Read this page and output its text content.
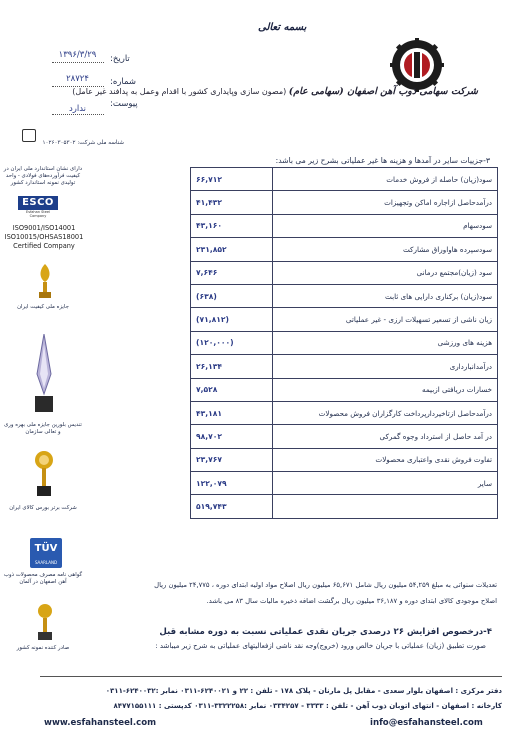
بسمه تعالی
شرکت سهامی ذوب آهن اصفهان (سهامی عام) (مصون سازی وپایداری کشور با اقدام وعمل به پدافند غیر عامل)
تاریخ:
۱۳۹۶/۳/۲۹
شماره:
۲۸۷۲۴
پیوست:
ندارد
شناسه ملی شرکت: ۱۰۲۶۰۳۰۵۳۰۲
دارای نشان استاندارد ملی ایران در کیفیت فرآورده‌های فولادی - واحد تولیدی نمونه استاندارد کشور
ESCO
Esfahan Steel Company
ISO9001/ISO14001
ISO10015/OHSAS18001
Certified Company
جایزه ملی کیفیت ایران
تندیس بلورین جایزه ملی بهره وری و تعالی سازمان
شرکت برتر بورس کالای ایران
TÜV
SAARLAND
گواهی نامه مصرف محصولات ذوب آهن اصفهان در آلمان
صادر کننده نمونه کشور
۳-جزییات سایر در آمدها و هزینه ها غیر عملیاتی بشرح زیر می باشد:
۶۶,۷۱۲	سود(زیان) حاصله از فروش خدمات
۴۱,۴۳۲	درآمدحاصل ازاجاره اماکن وتجهیزات
۴۳,۱۶۰	سودسهام
۲۳۱,۸۵۲	سودسپرده هاواوراق مشارکت
۷,۶۴۶	سود (زیان)مجتمع درمانی
(۶۳۸)	سود(زیان) برکناری دارایی های ثابت
(۷۱,۸۱۲)	زیان ناشی از تسعیر تسهیلات ارزی - غیر عملیاتی
(۱۲۰,۰۰۰)	هزینه های ورزشی
۲۶,۱۳۴	درآمدانبارداری
۷,۵۲۸	خسارات دریافتی ازبیمه
۴۳,۱۸۱	درآمدحاصل ازتاخیردارپرداخت کارگزاران فروش محصولات
۹۸,۷۰۲	در آمد حاصل از استرداد وجوه گمرکی
۲۳,۷۶۷	تفاوت فروش نقدی واعتباری محصولات
۱۲۲,۰۷۹	سایر
۵۱۹,۷۴۳	
تعدیلات سنواتی به مبلغ ۵۴,۲۵۹ میلیون ریال شامل ۶۵,۶۷۱ میلیون ریال اصلاح مواد اولیه ابتدای دوره ، ۲۴,۷۷۵ میلیون ریال
اصلاح موجودی کالای ابتدای دوره و ۳۶,۱۸۷ میلیون ریال برگشت اضافه ذخیره مالیات سال ۸۳ می باشد.
۴-درخصوص افزایش ۲۶ درصدی جریان نقدی عملیاتی نسبت به دوره مشابه قبل
صورت تطبیق (زیان) عملیاتی با جریان خالص ورود (خروج)وجه نقد ناشی ازفعالیتهای عملیاتی به شرح زیر میباشد :
دفتر مرکزی : اصفهان بلوار سعدی - مقابل پل مارنان - پلاک ۱۷۸ - تلفن : ۲۲ و ۶۲۴۰۰۲۱-۰۳۱۱ نمابر :۶۲۴۰۰۳۲-۰۳۱۱
کارخانه : اصفهان - انتهای اتوبان ذوب آهن - تلفن : ۳۳۳۳ - ۰۳۳۴۲۵۷ نمابر :۳۳۲۲۲۵۸-۰۳۱۱ کدپستی : ۸۴۷۷۱۵۵۱۱۱
www.esfahansteel.com	info@esfahansteel.com
